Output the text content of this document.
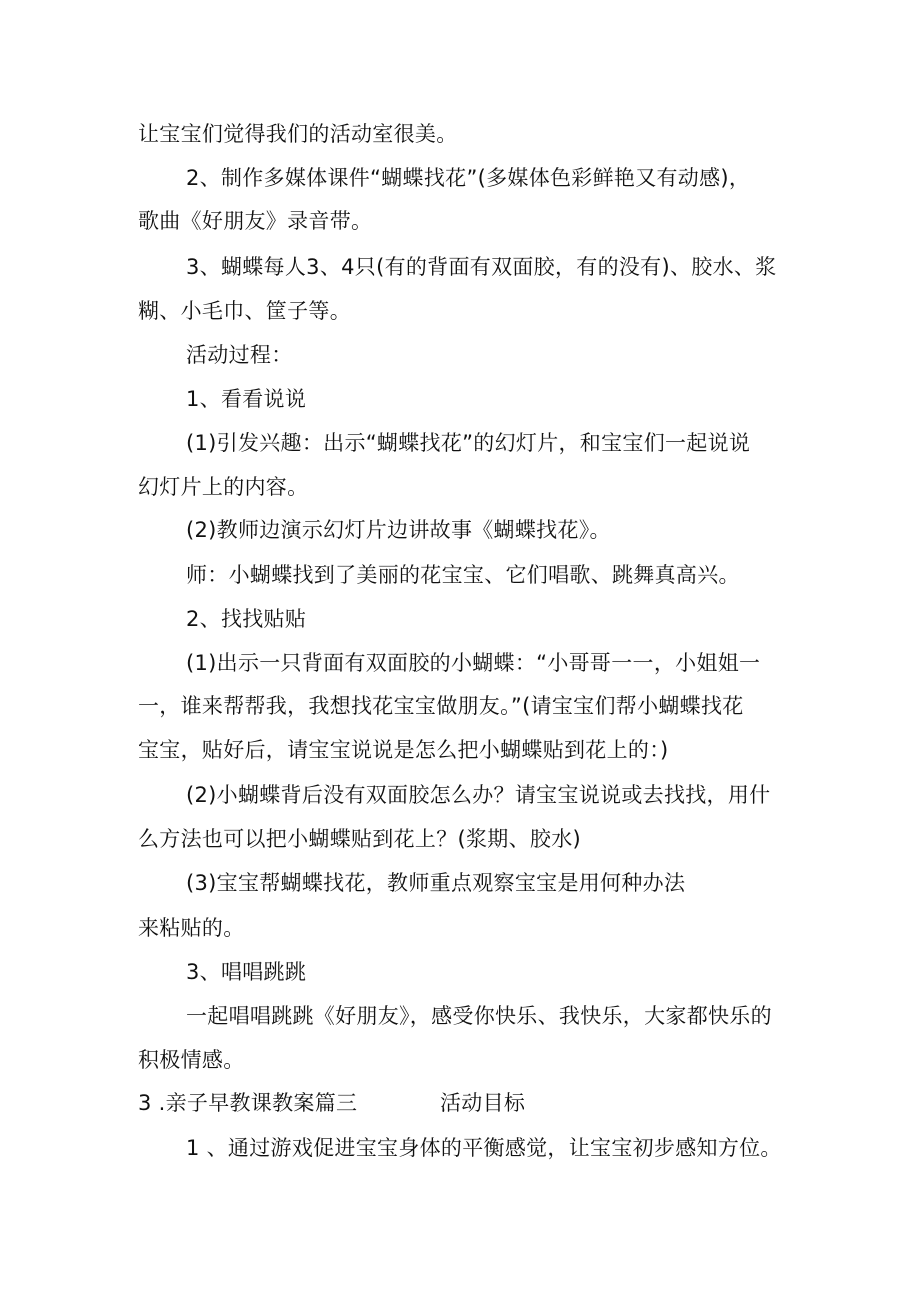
让宝宝们觉得我们的活动室很美。

2、制作多媒体课件“蝴蝶找花”(多媒体色彩鲜艳又有动感)，

歌曲《好朋友》录音带。

3、蝴蝶每人3、4只(有的背面有双面胶，有的没有)、胶水、浆

糊、小毛巾、筐子等。

活动过程：

1、看看说说

(1)引发兴趣：出示“蝴蝶找花”的幻灯片，和宝宝们一起说说

幻灯片上的内容。

(2)教师边演示幻灯片边讲故事《蝴蝶找花》。

师：小蝴蝶找到了美丽的花宝宝、它们唱歌、跳舞真高兴。

2、找找贴贴

(1)出示一只背面有双面胶的小蝴蝶：“小哥哥一一，小姐姐一

一，谁来帮帮我，我想找花宝宝做朋友。”(请宝宝们帮小蝴蝶找花

宝宝，贴好后，请宝宝说说是怎么把小蝴蝶贴到花上的：)

(2)小蝴蝶背后没有双面胶怎么办？请宝宝说说或去找找，用什

么方法也可以把小蝴蝶贴到花上？(浆期、胶水)

(3)宝宝帮蝴蝶找花，教师重点观察宝宝是用何种办法

来粘贴的。

3、唱唱跳跳

一起唱唱跳跳《好朋友》，感受你快乐、我快乐，大家都快乐的

积极情感。

3 .亲子早教课教案篇三	活动目标

1 、通过游戏促进宝宝身体的平衡感觉，让宝宝初步感知方位。
